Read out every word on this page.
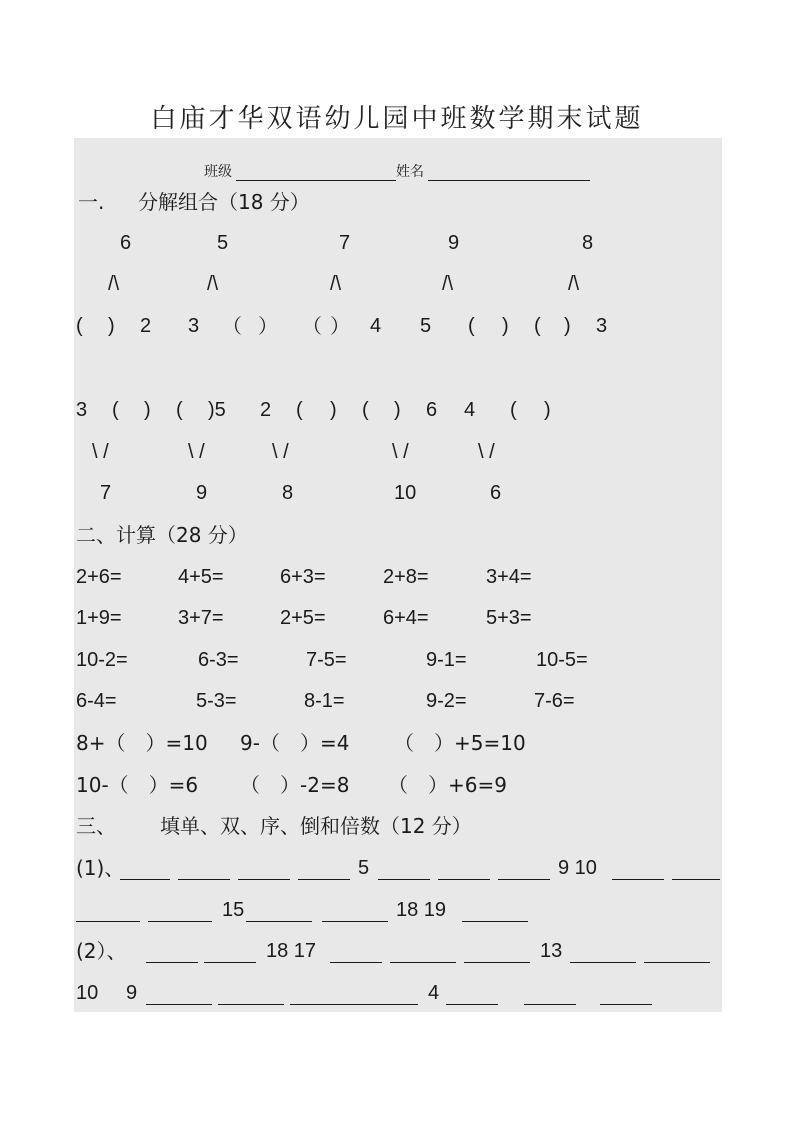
白庙才华双语幼儿园中班数学期末试题
班级	姓名
一. 分解组合（18 分）
6	5	7	9	8
/\	/\	/\	/\	/\
( ) 2 3 （ ） （ ） 4 5 ( ) ( ) 3
3 ( ) ( )5 2 ( ) ( ) 6 4 ( )
\ /	\ /	\ /	\ /	\ /
7	9	8	10	6
二、计算（28 分）
2+6=	4+5=	6+3=	2+8=	3+4=
1+9=	3+7=	2+5=	6+4=	5+3=
10-2=	6-3=	7-5=	9-1=	10-5=
6-4=	5-3=	8-1=	9-2=	7-6=
8+（　）=10 9-（　）=4 （　）+5=10
10-（　）=6 （　）-2=8 （　）+6=9
三、 填单、双、序、倒和倍数（12 分）
(1)、	5	9 10
15	18 19
(2）、	18 17	13
10 9	4
